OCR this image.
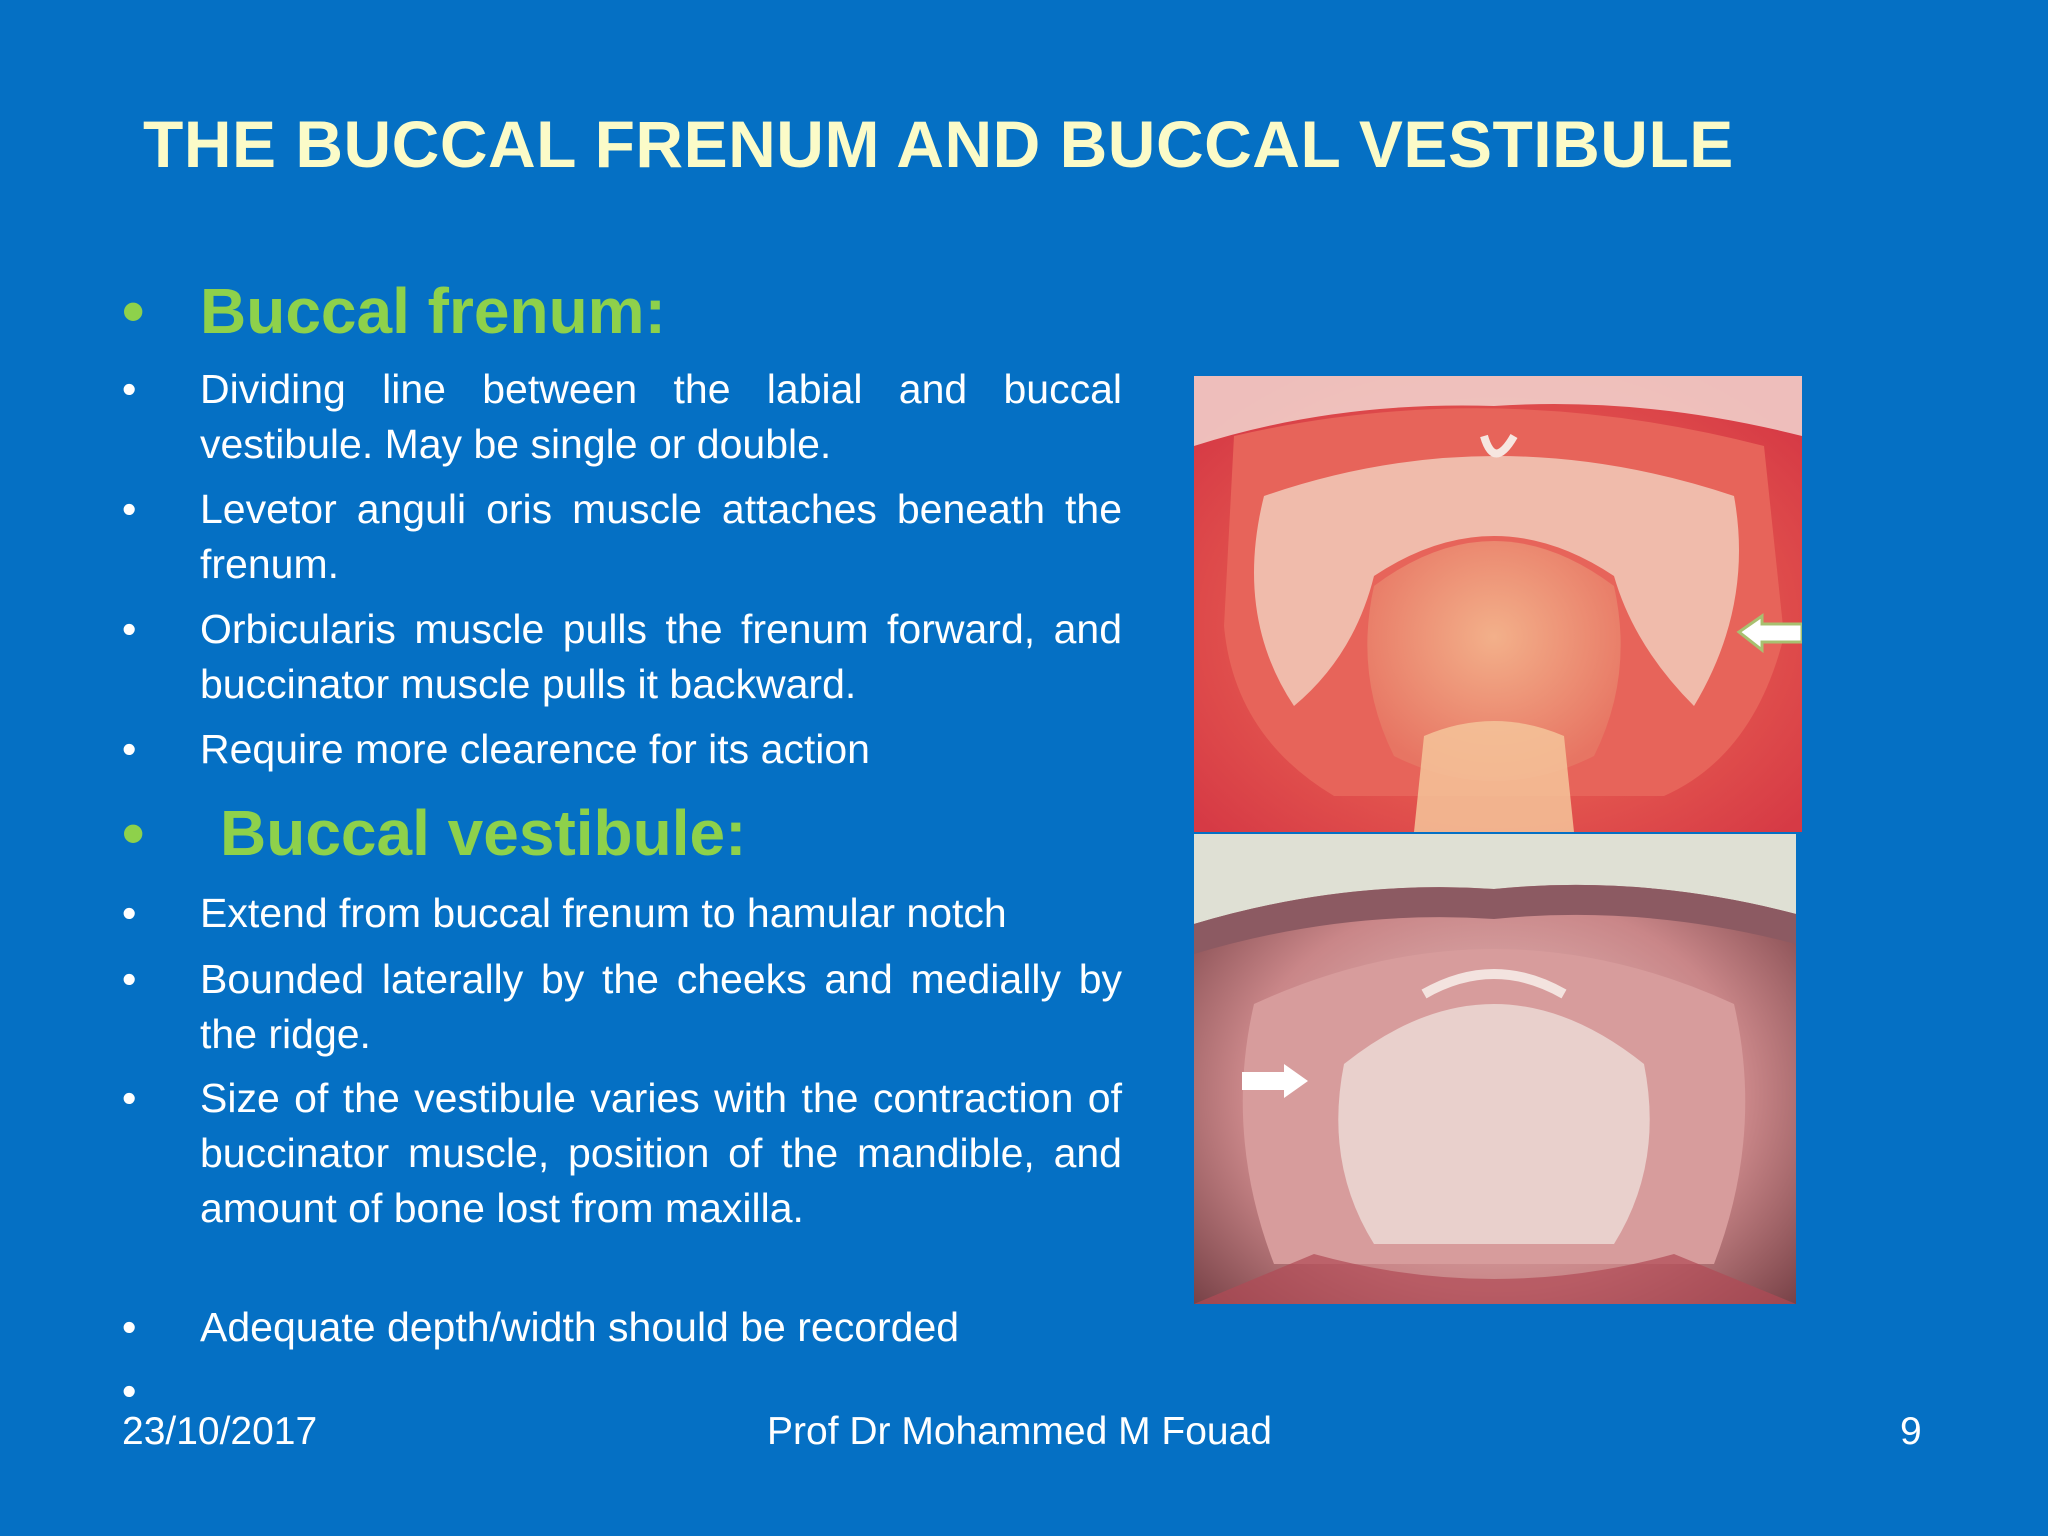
THE BUCCAL FRENUM AND BUCCAL VESTIBULE
• Buccal frenum:
• Dividing line between the labial and buccal vestibule. May be single or double.
• Levetor anguli oris muscle attaches beneath the frenum.
• Orbicularis muscle pulls the frenum forward, and buccinator muscle pulls it backward.
• Require more clearence for its action
• Buccal vestibule:
• Extend from buccal frenum to hamular notch
• Bounded laterally by the cheeks and medially by the ridge.
• Size of the vestibule varies with the contraction of buccinator muscle, position of the mandible, and amount of bone lost from maxilla.
• Adequate depth/width should be recorded
•
23/10/2017	Prof Dr Mohammed M Fouad	9
